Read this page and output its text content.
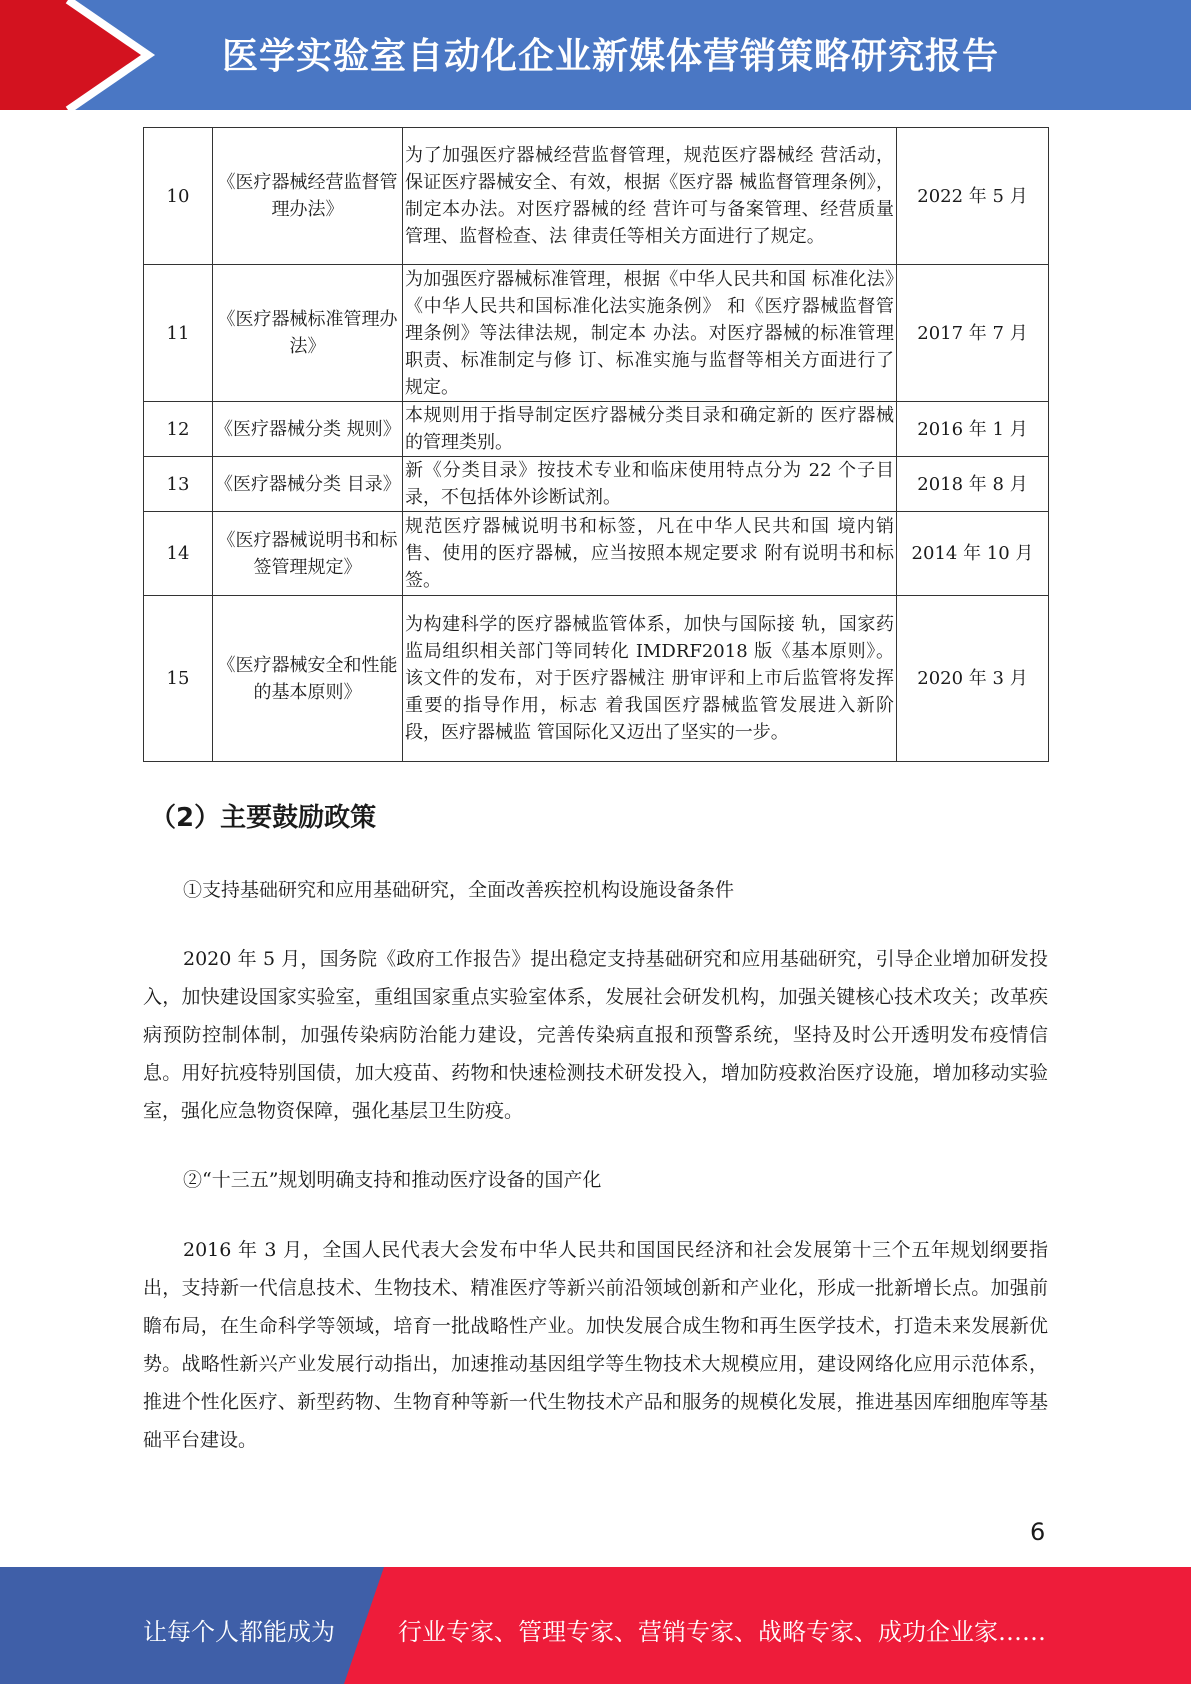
医学实验室自动化企业新媒体营销策略研究报告
10	《医疗器械经营监督管理办法》	为了加强医疗器械经营监督管理，规范医疗器械经 营活动，保证医疗器械安全、有效，根据《医疗器 械监督管理条例》，制定本办法。对医疗器械的经 营许可与备案管理、经营质量管理、监督检查、法 律责任等相关方面进行了规定。	2022 年 5 月
11	《医疗器械标准管理办法》	为加强医疗器械标准管理，根据《中华人民共和国 标准化法》《中华人民共和国标准化法实施条例》 和《医疗器械监督管理条例》等法律法规，制定本 办法。对医疗器械的标准管理职责、标准制定与修 订、标准实施与监督等相关方面进行了规定。	2017 年 7 月
12	《医疗器械分类 规则》	本规则用于指导制定医疗器械分类目录和确定新的 医疗器械的管理类别。	2016 年 1 月
13	《医疗器械分类 目录》	新《分类目录》按技术专业和临床使用特点分为 22 个子目录，不包括体外诊断试剂。	2018 年 8 月
14	《医疗器械说明书和标签管理规定》	规范医疗器械说明书和标签，凡在中华人民共和国 境内销售、使用的医疗器械，应当按照本规定要求 附有说明书和标签。	2014 年 10 月
15	《医疗器械安全和性能的基本原则》	为构建科学的医疗器械监管体系，加快与国际接 轨，国家药监局组织相关部门等同转化 IMDRF2018 版《基本原则》。该文件的发布，对于医疗器械注 册审评和上市后监管将发挥重要的指导作用，标志 着我国医疗器械监管发展进入新阶段，医疗器械监 管国际化又迈出了坚实的一步。	2020 年 3 月
（2）主要鼓励政策
①支持基础研究和应用基础研究，全面改善疾控机构设施设备条件
2020 年 5 月，国务院《政府工作报告》提出稳定支持基础研究和应用基础研究，引导企业增加研发投入，加快建设国家实验室，重组国家重点实验室体系，发展社会研发机构，加强关键核心技术攻关；改革疾病预防控制体制，加强传染病防治能力建设，完善传染病直报和预警系统，坚持及时公开透明发布疫情信息。用好抗疫特别国债，加大疫苗、药物和快速检测技术研发投入，增加防疫救治医疗设施，增加移动实验室，强化应急物资保障，强化基层卫生防疫。
②“十三五”规划明确支持和推动医疗设备的国产化
2016 年 3 月，全国人民代表大会发布中华人民共和国国民经济和社会发展第十三个五年规划纲要指出，支持新一代信息技术、生物技术、精准医疗等新兴前沿领域创新和产业化，形成一批新增长点。加强前瞻布局，在生命科学等领域，培育一批战略性产业。加快发展合成生物和再生医学技术，打造未来发展新优势。战略性新兴产业发展行动指出，加速推动基因组学等生物技术大规模应用，建设网络化应用示范体系，推进个性化医疗、新型药物、生物育种等新一代生物技术产品和服务的规模化发展，推进基因库细胞库等基础平台建设。
6
让每个人都能成为	行业专家、管理专家、营销专家、战略专家、成功企业家……
